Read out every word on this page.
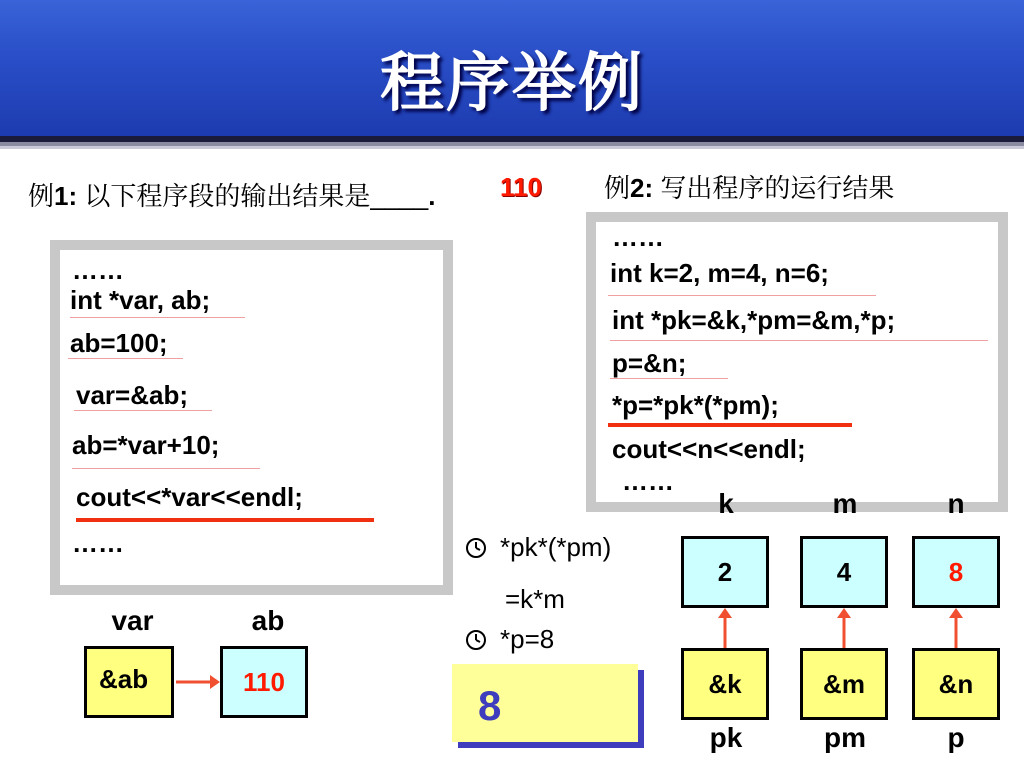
程序举例
例1: 以下程序段的输出结果是____. 110
……
int *var, ab;
ab=100;
var=&ab;
ab=*var+10;
cout<<*var<<endl;
……
var	ab
&ab	110
例2: 写出程序的运行结果
……
int k=2, m=4, n=6;
int *pk=&k,*pm=&m,*p;
p=&n;
*p=*pk*(*pm);
cout<<n<<endl;
……
*pk*(*pm)
=k*m
*p=8
8
k	m	n
2	4	8
&k	&m	&n
pk	pm	p
